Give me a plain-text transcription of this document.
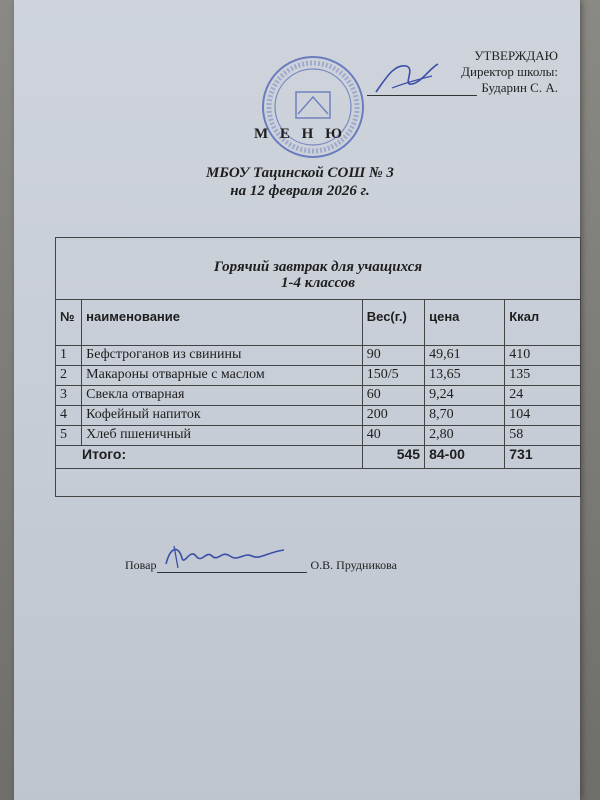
УТВЕРЖДАЮ
Директор школы:
Бударин С. А.
М Е Н Ю
МБОУ Тацинской СОШ № 3
на 12 февраля 2026 г.
Горячий завтрак для учащихся
1-4 классов
№	наименование	Вес(г.)	цена	Ккал
1	Бефстроганов из свинины	90	49,61	410
2	Макароны отварные с маслом	150/5	13,65	135
3	Свекла отварная	60	9,24	24
4	Кофейный напиток	200	8,70	104
5	Хлеб пшеничный	40	2,80	58
Итого:		545	84-00	731
Повар	О.В. Прудникова
